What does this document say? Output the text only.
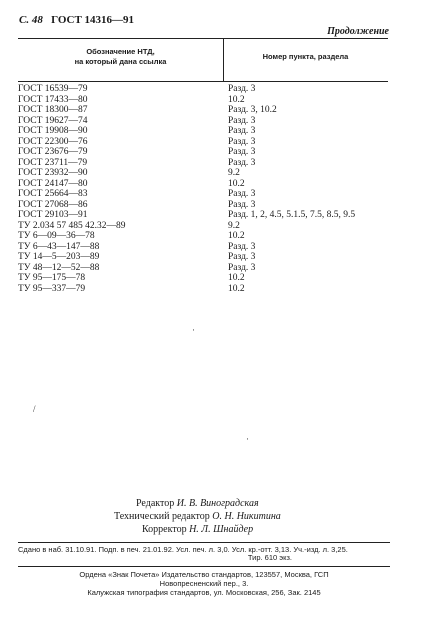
С. 48 ГОСТ 14316—91
Продолжение
Обозначение НТД,
на который дана ссылка
Номер пункта, раздела
ГОСТ 16539—79	Разд. 3
ГОСТ 17433—80	10.2
ГОСТ 18300—87	Разд. 3, 10.2
ГОСТ 19627—74	Разд. 3
ГОСТ 19908—90	Разд. 3
ГОСТ 22300—76	Разд. 3
ГОСТ 23676—79	Разд. 3
ГОСТ 23711—79	Разд. 3
ГОСТ 23932—90	9.2
ГОСТ 24147—80	10.2
ГОСТ 25664—83	Разд. 3
ГОСТ 27068—86	Разд. 3
ГОСТ 29103—91	Разд. 1, 2, 4.5, 5.1.5, 7.5, 8.5, 9.5
ТУ 2.034 57 485 42.32—89	9.2
ТУ 6—09—36—78	10.2
ТУ 6—43—147—88	Разд. 3
ТУ 14—5—203—89	Разд. 3
ТУ 48—12—52—88	Разд. 3
ТУ 95—175—78	10.2
ТУ 95—337—79	10.2
Редактор И. В. Виноградская
Технический редактор О. Н. Никитина
Корректор Н. Л. Шнайдер
Сдано в наб. 31.10.91. Подп. в печ. 21.01.92. Усл. печ. л. 3,0. Усл. кр.-отт. 3,13. Уч.-изд. л. 3,25.
Тир. 610 экз.
Ордена «Знак Почета» Издательство стандартов, 123557, Москва, ГСП
Новопресненский пер., 3.
Калужская типография стандартов, ул. Московская, 256, Зак. 2145
·
/
·
